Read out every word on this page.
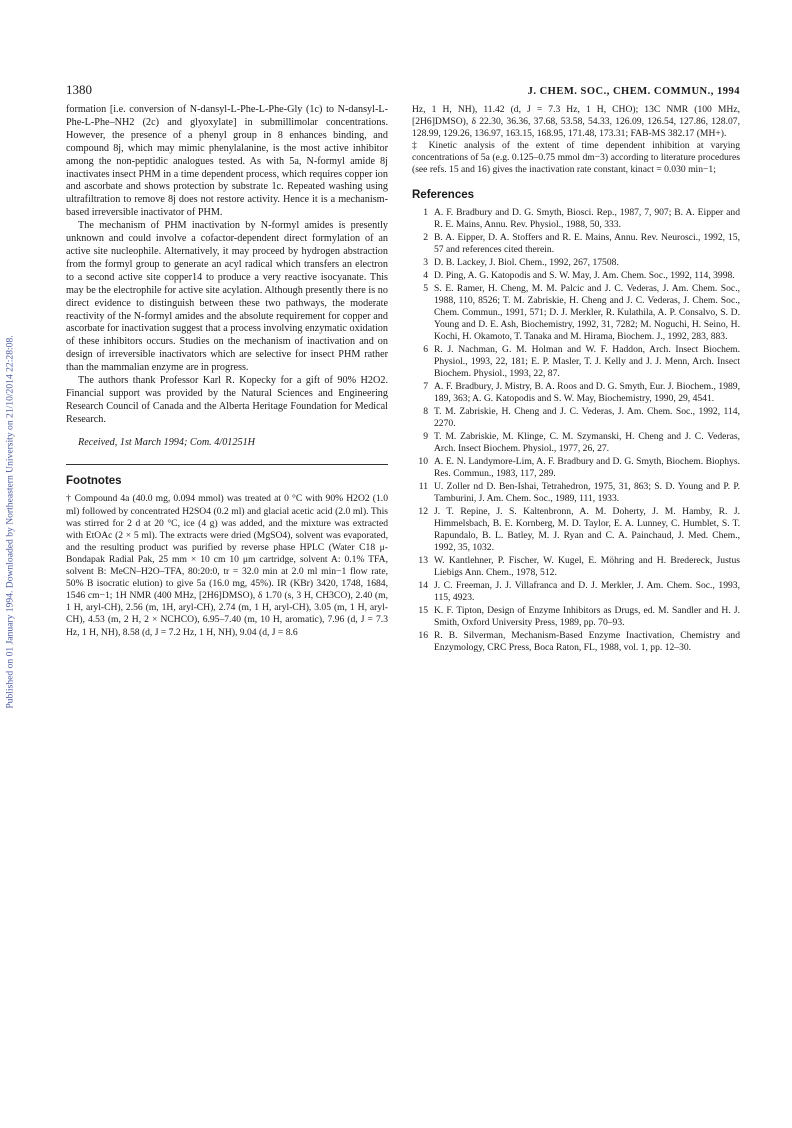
Published on 01 January 1994. Downloaded by Northeastern University on 21/10/2014 22:28:08.
1380	J. CHEM. SOC., CHEM. COMMUN., 1994

formation [i.e. conversion of N-dansyl-L-Phe-L-Phe-Gly (1c) to N-dansyl-L-Phe-L-Phe–NH2 (2c) and glyoxylate] in submillimolar concentrations. However, the presence of a phenyl group in 8 enhances binding, and compound 8j, which may mimic phenylalanine, is the most active inhibitor among the non-peptidic analogues tested. As with 5a, N-formyl amide 8j inactivates insect PHM in a time dependent process, which requires copper ion and ascorbate and shows protection by substrate 1c. Repeated washing using ultrafiltration to remove 8j does not restore activity. Hence it is a mechanism-based irreversible inactivator of PHM.

The mechanism of PHM inactivation by N-formyl amides is presently unknown and could involve a cofactor-dependent direct formylation of an active site nucleophile. Alternatively, it may proceed by hydrogen abstraction from the formyl group to generate an acyl radical which transfers an electron to a second active site copper14 to produce a very reactive isocyanate. This may be the electrophile for active site acylation. Although presently there is no direct evidence to distinguish between these two pathways, the moderate reactivity of the N-formyl amides and the absolute requirement for copper and ascorbate for inactivation suggest that a process involving enzymatic oxidation of these inhibitors occurs. Studies on the mechanism of inactivation and on design of irreversible inactivators which are selective for insect PHM rather than the mammalian enzyme are in progress.

The authors thank Professor Karl R. Kopecky for a gift of 90% H2O2. Financial support was provided by the Natural Sciences and Engineering Research Council of Canada and the Alberta Heritage Foundation for Medical Research.

Received, 1st March 1994; Com. 4/01251H

Footnotes

† Compound 4a (40.0 mg, 0.094 mmol) was treated at 0 °C with 90% H2O2 (1.0 ml) followed by concentrated H2SO4 (0.2 ml) and glacial acetic acid (2.0 ml). This was stirred for 2 d at 20 °C, ice (4 g) was added, and the mixture was extracted with EtOAc (2 × 5 ml). The extracts were dried (MgSO4), solvent was evaporated, and the resulting product was purified by reverse phase HPLC (Water C18 μ-Bondapak Radial Pak, 25 mm × 10 cm 10 μm cartridge, solvent A: 0.1% TFA, solvent B: MeCN–H2O–TFA, 80:20:0, tr = 32.0 min at 2.0 ml min−1 flow rate, 50% B isocratic elution) to give 5a (16.0 mg, 45%). IR (KBr) 3420, 1748, 1684, 1546 cm−1; 1H NMR (400 MHz, [2H6]DMSO), δ 1.70 (s, 3 H, CH3CO), 2.40 (m, 1 H, aryl-CH), 2.56 (m, 1H, aryl-CH), 2.74 (m, 1 H, aryl-CH), 3.05 (m, 1 H, aryl-CH), 4.53 (m, 2 H, 2 × NCHCO), 6.95–7.40 (m, 10 H, aromatic), 7.96 (d, J = 7.3 Hz, 1 H, NH), 8.58 (d, J = 7.2 Hz, 1 H, NH), 9.04 (d, J = 8.6

Hz, 1 H, NH), 11.42 (d, J = 7.3 Hz, 1 H, CHO); 13C NMR (100 MHz, [2H6]DMSO), δ 22.30, 36.36, 37.68, 53.58, 54.33, 126.09, 126.54, 127.86, 128.07, 128.99, 129.26, 136.97, 163.15, 168.95, 171.48, 173.31; FAB-MS 382.17 (MH+).

‡ Kinetic analysis of the extent of time dependent inhibition at varying concentrations of 5a (e.g. 0.125–0.75 mmol dm−3) according to literature procedures (see refs. 15 and 16) gives the inactivation rate constant, kinact = 0.030 min−1;

References
1 A. F. Bradbury and D. G. Smyth, Biosci. Rep., 1987, 7, 907; B. A. Eipper and R. E. Mains, Annu. Rev. Physiol., 1988, 50, 333.
2 B. A. Eipper, D. A. Stoffers and R. E. Mains, Annu. Rev. Neurosci., 1992, 15, 57 and references cited therein.
3 D. B. Lackey, J. Biol. Chem., 1992, 267, 17508.
4 D. Ping, A. G. Katopodis and S. W. May, J. Am. Chem. Soc., 1992, 114, 3998.
5 S. E. Ramer, H. Cheng, M. M. Palcic and J. C. Vederas, J. Am. Chem. Soc., 1988, 110, 8526; T. M. Zabriskie, H. Cheng and J. C. Vederas, J. Chem. Soc., Chem. Commun., 1991, 571; D. J. Merkler, R. Kulathila, A. P. Consalvo, S. D. Young and D. E. Ash, Biochemistry, 1992, 31, 7282; M. Noguchi, H. Seino, H. Kochi, H. Okamoto, T. Tanaka and M. Hirama, Biochem. J., 1992, 283, 883.
6 R. J. Nachman, G. M. Holman and W. F. Haddon, Arch. Insect Biochem. Physiol., 1993, 22, 181; E. P. Masler, T. J. Kelly and J. J. Menn, Arch. Insect Biochem. Physiol., 1993, 22, 87.
7 A. F. Bradbury, J. Mistry, B. A. Roos and D. G. Smyth, Eur. J. Biochem., 1989, 189, 363; A. G. Katopodis and S. W. May, Biochemistry, 1990, 29, 4541.
8 T. M. Zabriskie, H. Cheng and J. C. Vederas, J. Am. Chem. Soc., 1992, 114, 2270.
9 T. M. Zabriskie, M. Klinge, C. M. Szymanski, H. Cheng and J. C. Vederas, Arch. Insect Biochem. Physiol., 1977, 26, 27.
10 A. E. N. Landymore-Lim, A. F. Bradbury and D. G. Smyth, Biochem. Biophys. Res. Commun., 1983, 117, 289.
11 U. Zoller nd D. Ben-Ishai, Tetrahedron, 1975, 31, 863; S. D. Young and P. P. Tamburini, J. Am. Chem. Soc., 1989, 111, 1933.
12 J. T. Repine, J. S. Kaltenbronn, A. M. Doherty, J. M. Hamby, R. J. Himmelsbach, B. E. Kornberg, M. D. Taylor, E. A. Lunney, C. Humblet, S. T. Rapundalo, B. L. Batley, M. J. Ryan and C. A. Painchaud, J. Med. Chem., 1992, 35, 1032.
13 W. Kantlehner, P. Fischer, W. Kugel, E. Möhring and H. Bredereck, Justus Liebigs Ann. Chem., 1978, 512.
14 J. C. Freeman, J. J. Villafranca and D. J. Merkler, J. Am. Chem. Soc., 1993, 115, 4923.
15 K. F. Tipton, Design of Enzyme Inhibitors as Drugs, ed. M. Sandler and H. J. Smith, Oxford University Press, 1989, pp. 70–93.
16 R. B. Silverman, Mechanism-Based Enzyme Inactivation, Chemistry and Enzymology, CRC Press, Boca Raton, FL, 1988, vol. 1, pp. 12–30.
